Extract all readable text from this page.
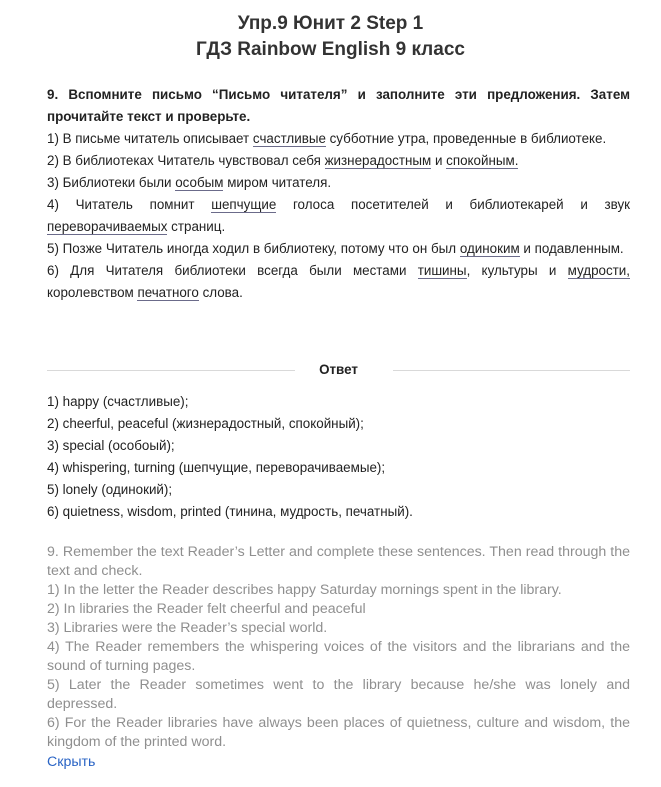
Упр.9 Юнит 2 Step 1
ГДЗ Rainbow English 9 класс

9. Вспомните письмо “Письмо читателя” и заполните эти предложения. Затем прочитайте текст и проверьте.

1) В письме читатель описывает счастливые субботние утра, проведенные в библиотеке.

2) В библиотеках Читатель чувствовал себя жизнерадостным и спокойным.

3) Библиотеки были особым миром читателя.

4) Читатель помнит шепчущие голоса посетителей и библиотекарей и звук переворачиваемых страниц.

5) Позже Читатель иногда ходил в библиотеку, потому что он был одиноким и подавленным.

6) Для Читателя библиотеки всегда были местами тишины, культуры и мудрости, королевством печатного слова.

Ответ
1) happy (счастливые);
2) cheerful, peaceful (жизнерадостный, спокойный);
3) special (особоый);
4) whispering, turning (шепчущие, переворачиваемые);
5) lonely (одинокий);
6) quietness, wisdom, printed (тинина, мудрость, печатный).

9. Remember the text Reader’s Letter and complete these sentences. Then read through the text and check.

1) In the letter the Reader describes happy Saturday mornings spent in the library.

2) In libraries the Reader felt cheerful and peaceful

3) Libraries were the Reader’s special world.

4) The Reader remembers the whispering voices of the visitors and the librarians and the sound of turning pages.

5) Later the Reader sometimes went to the library because he/she was lonely and depressed.

6) For the Reader libraries have always been places of quietness, culture and wisdom, the kingdom of the printed word.

Скрыть
